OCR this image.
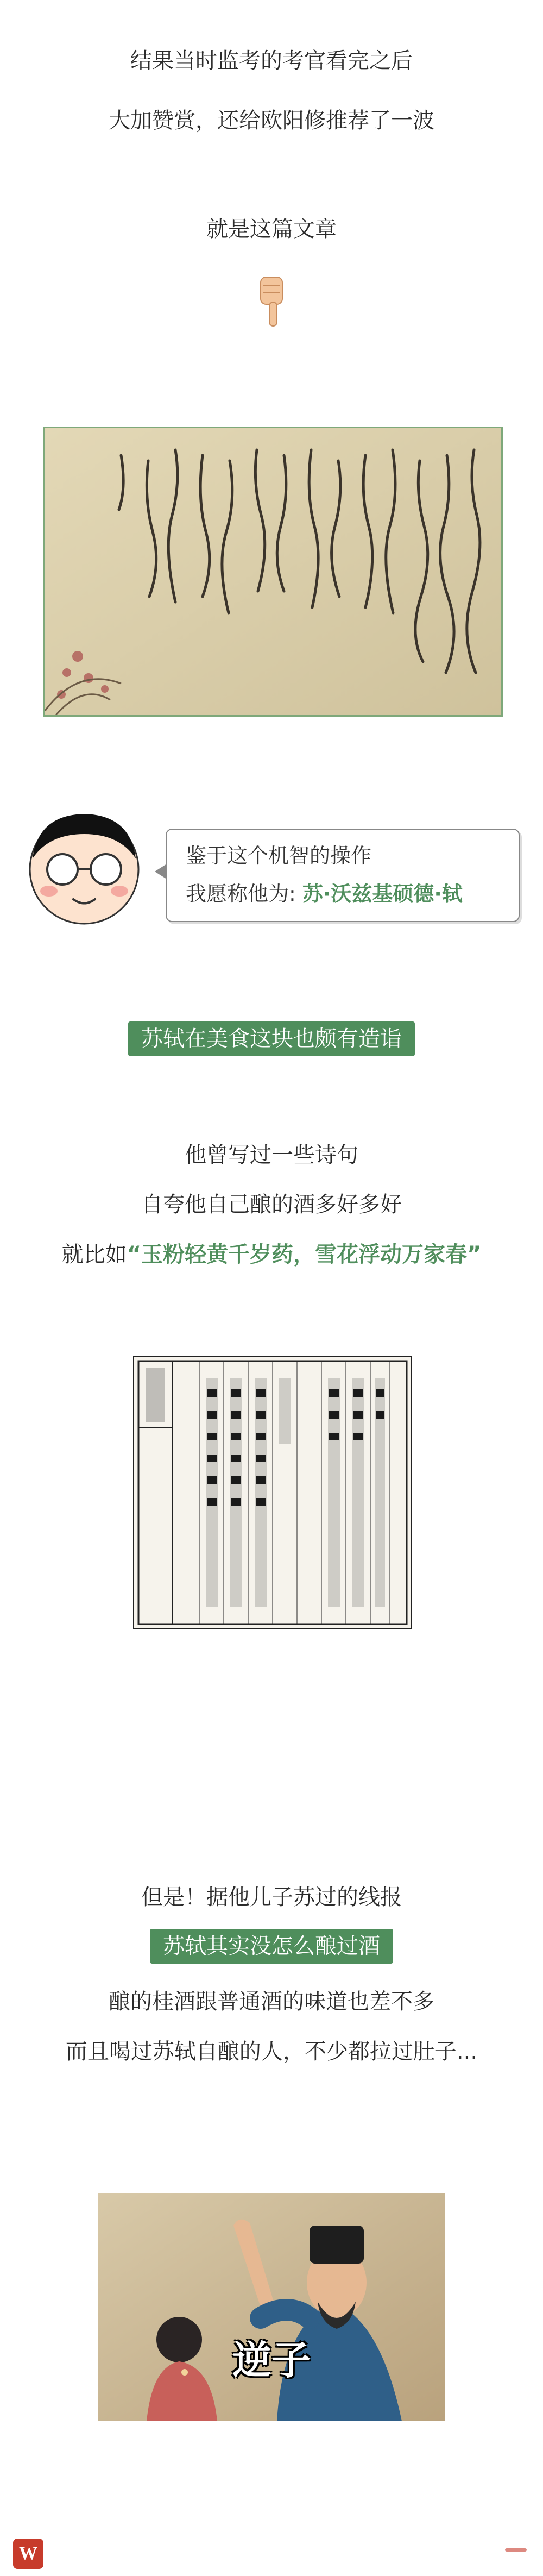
结果当时监考的考官看完之后
大加赞赏，还给欧阳修推荐了一波
就是这篇文章
鉴于这个机智的操作
我愿称他为: 苏·沃兹基硕德·轼
苏轼在美食这块也颇有造诣
他曾写过一些诗句
自夸他自己酿的酒多好多好
就比如“玉粉轻黄千岁药，雪花浮动万家春”
但是！据他儿子苏过的线报
苏轼其实没怎么酿过酒
酿的桂酒跟普通酒的味道也差不多
而且喝过苏轼自酿的人，不少都拉过肚子...
逆子
W
